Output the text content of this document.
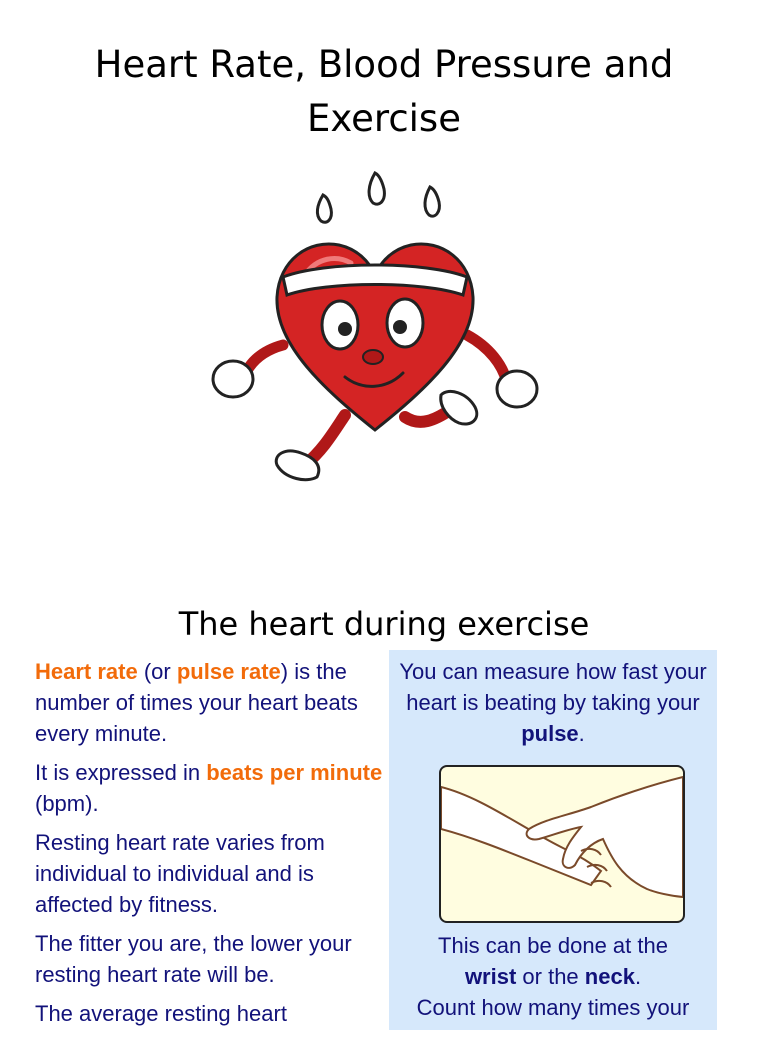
Heart Rate, Blood Pressure and
Exercise
The heart during exercise

Heart rate (or pulse rate) is the number of times your heart beats every minute.

It is expressed in beats per minute (bpm).

Resting heart rate varies from individual to individual and is affected by fitness.

The fitter you are, the lower your resting heart rate will be.

The average resting heart

You can measure how fast your heart is beating by taking your pulse.

This can be done at the

wrist or the neck.

Count how many times your
